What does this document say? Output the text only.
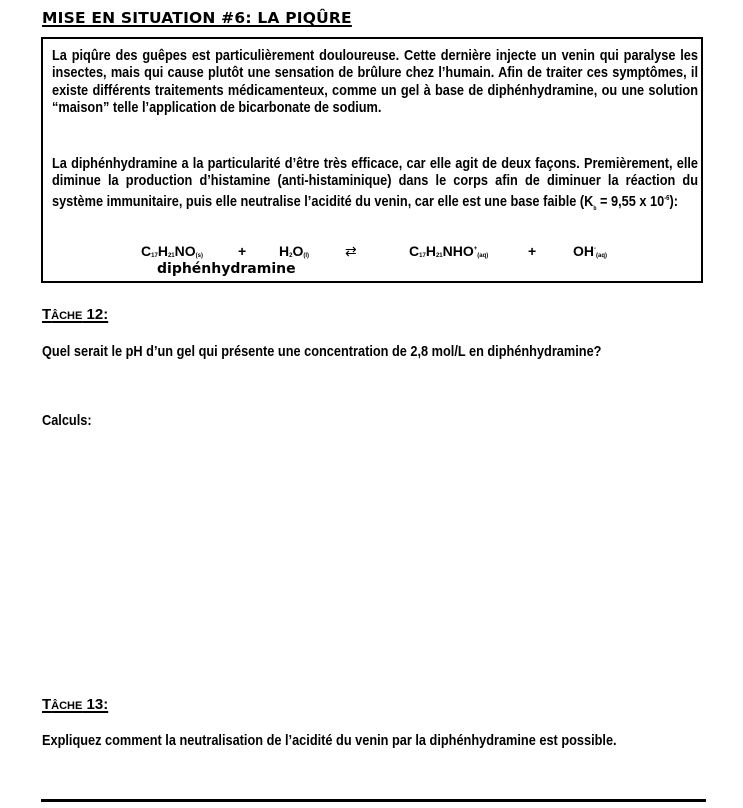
MISE EN SITUATION #6: LA PIQÛRE
La piqûre des guêpes est particulièrement douloureuse. Cette dernière injecte un venin qui paralyse les insectes, mais qui cause plutôt une sensation de brûlure chez l’humain. Afin de traiter ces symptômes, il existe différents traitements médicamenteux, comme un gel à base de diphénhydramine, ou une solution “maison” telle l’application de bicarbonate de sodium.
La diphénhydramine a la particularité d’être très efficace, car elle agit de deux façons. Premièrement, elle diminue la production d’histamine (anti-histaminique) dans le corps afin de diminuer la réaction du système immunitaire, puis elle neutralise l’acidité du venin, car elle est une base faible ($K_b = 9,55$ x $10^{-6}$):
$C_{17}H_{21}NO_{(s)}$	+ $H_2O_{(l)}$	⇄	$C_{17}H_{21}NHO^+_{(aq)}$	+	$OH^-_{(aq)}$
diphénhydramine
TÂCHE 12:
Quel serait le pH d’un gel qui présente une concentration de 2,8 mol/L en diphénhydramine?
Calculs:
TÂCHE 13:
Expliquez comment la neutralisation de l’acidité du venin par la diphénhydramine est possible.
